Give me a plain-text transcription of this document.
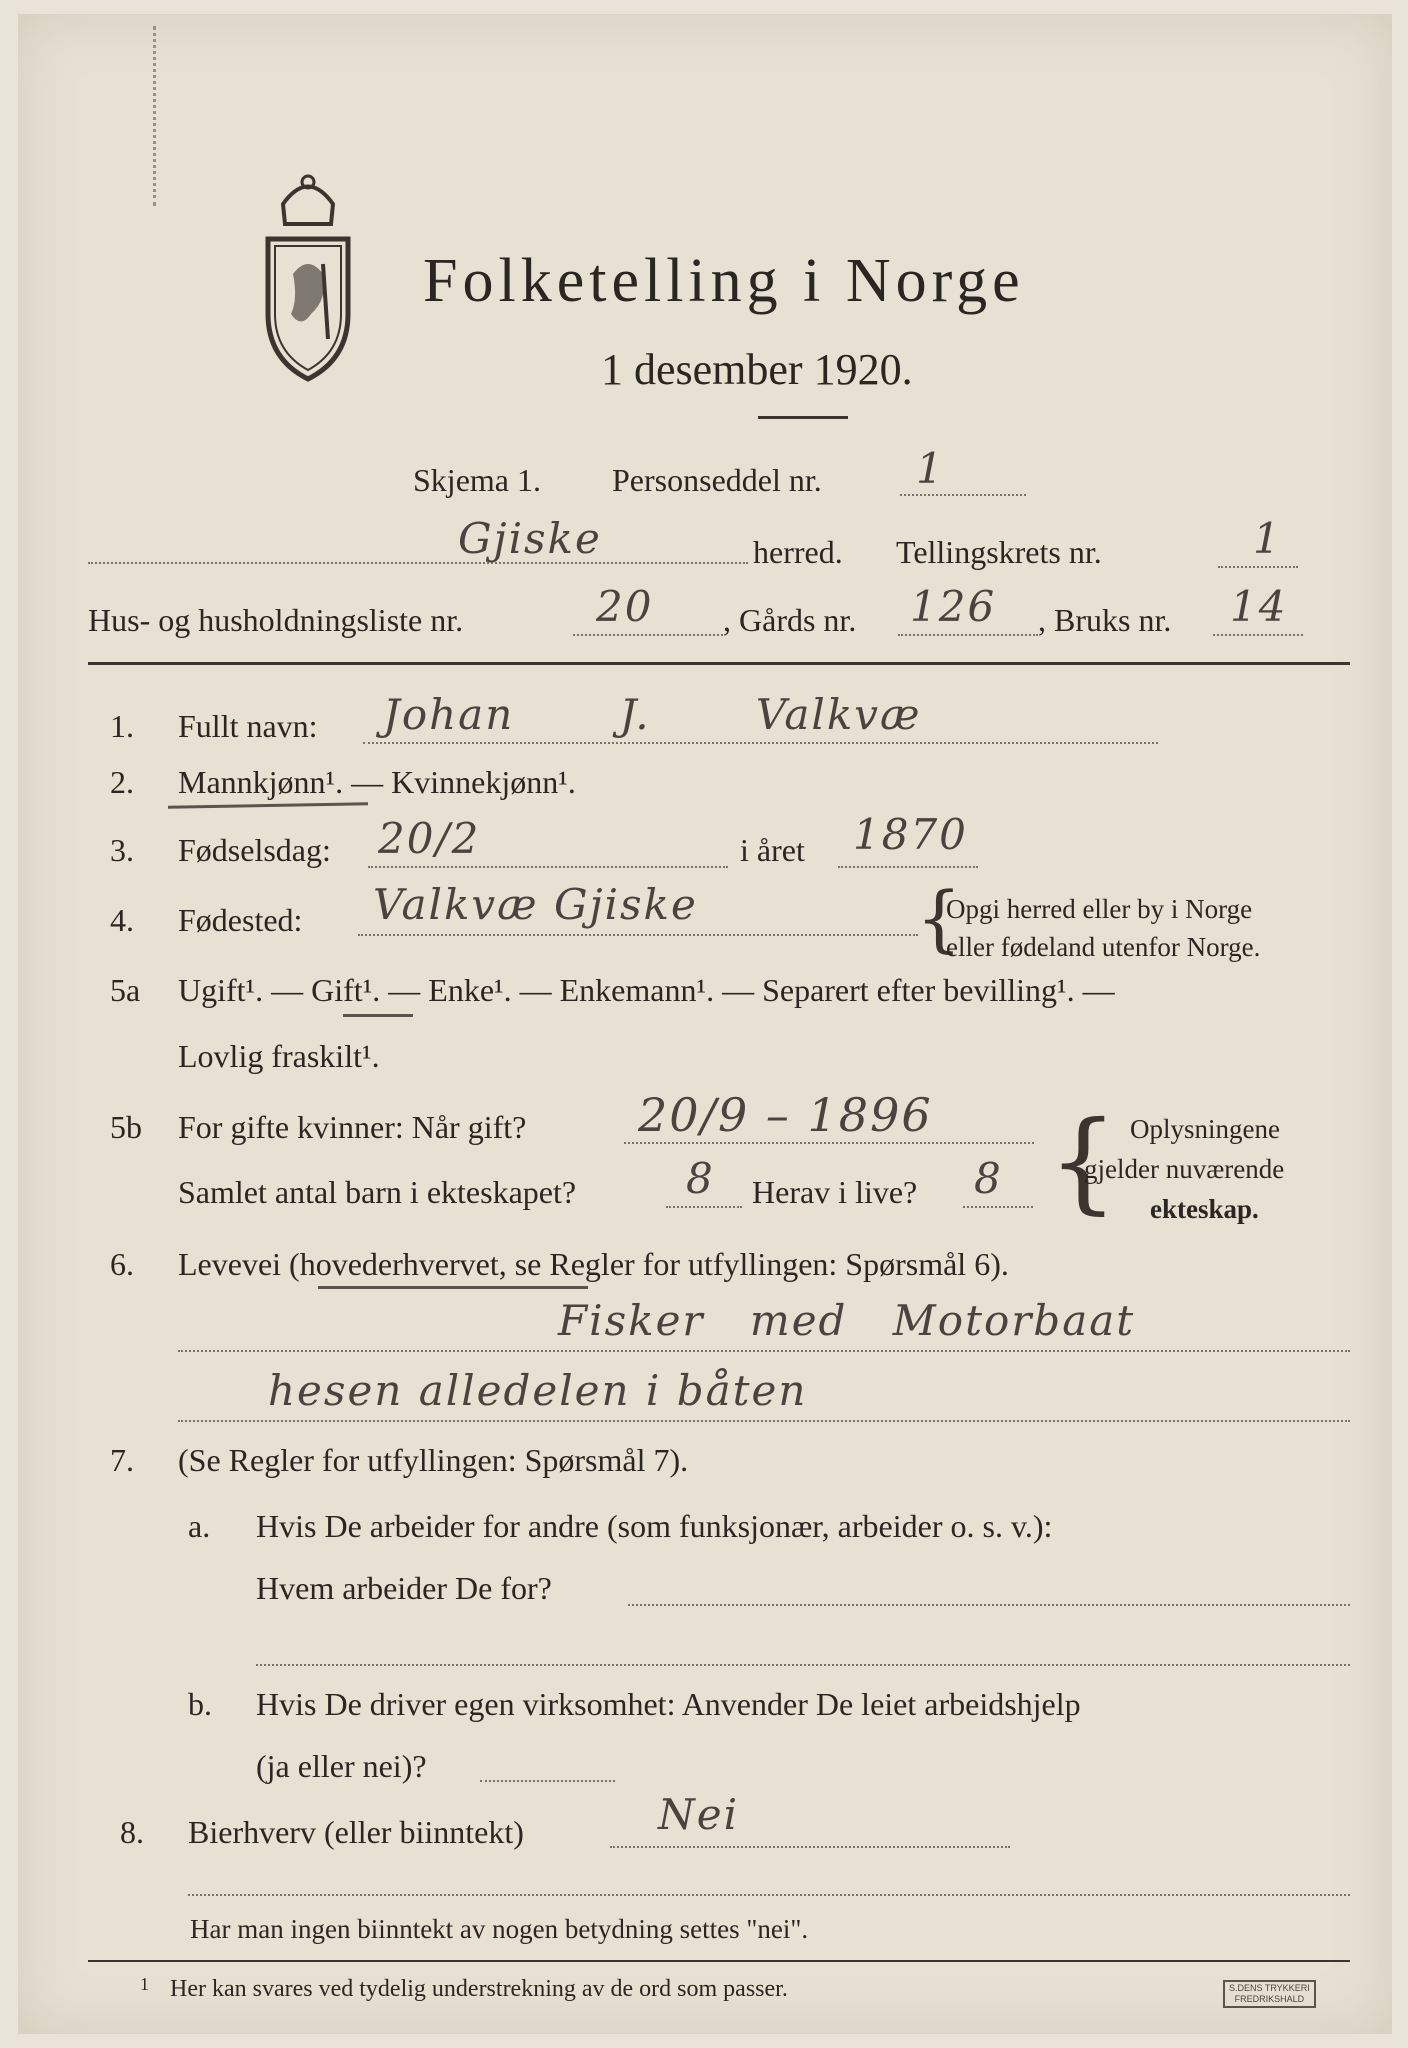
Folketelling i Norge
1 desember 1920.
Skjema 1. Personseddel nr. 1
Gjiske	herred. Tellingskrets nr.	1
Hus- og husholdningsliste nr.	20 , Gårds nr. 126 , Bruks nr. 14
1. Fullt navn: Johan J. Valkvæ
2. Mannkjønn¹. — Kvinnekjønn¹.
3. Fødselsdag: 20/2	i året 1870
4. Fødested: Valkvæ Gjiske	{
Opgi herred eller by i Norge
eller fødeland utenfor Norge.
5a Ugift¹. — Gift¹. — Enke¹. — Enkemann¹. — Separert efter bevilling¹. —
Lovlig fraskilt¹.
5b For gifte kvinner: Når gift? 20/9 – 1896
Samlet antal barn i ekteskapet?	8 Herav i live? 8 { Oplysningene
gjelder nuværende
ekteskap.
6. Levevei (hovederhvervet, se Regler for utfyllingen: Spørsmål 6).
Fisker med Motorbaat
hesen alledelen i båten
7. (Se Regler for utfyllingen: Spørsmål 7).
a. Hvis De arbeider for andre (som funksjonær, arbeider o. s. v.):
Hvem arbeider De for?
b. Hvis De driver egen virksomhet: Anvender De leiet arbeidshjelp
(ja eller nei)?
8. Bierhverv (eller biinntekt)	Nei
Har man ingen biinntekt av nogen betydning settes "nei".
1 Her kan svares ved tydelig understrekning av de ord som passer.	S.DENS TRYKKERI
FREDRIKSHALD
